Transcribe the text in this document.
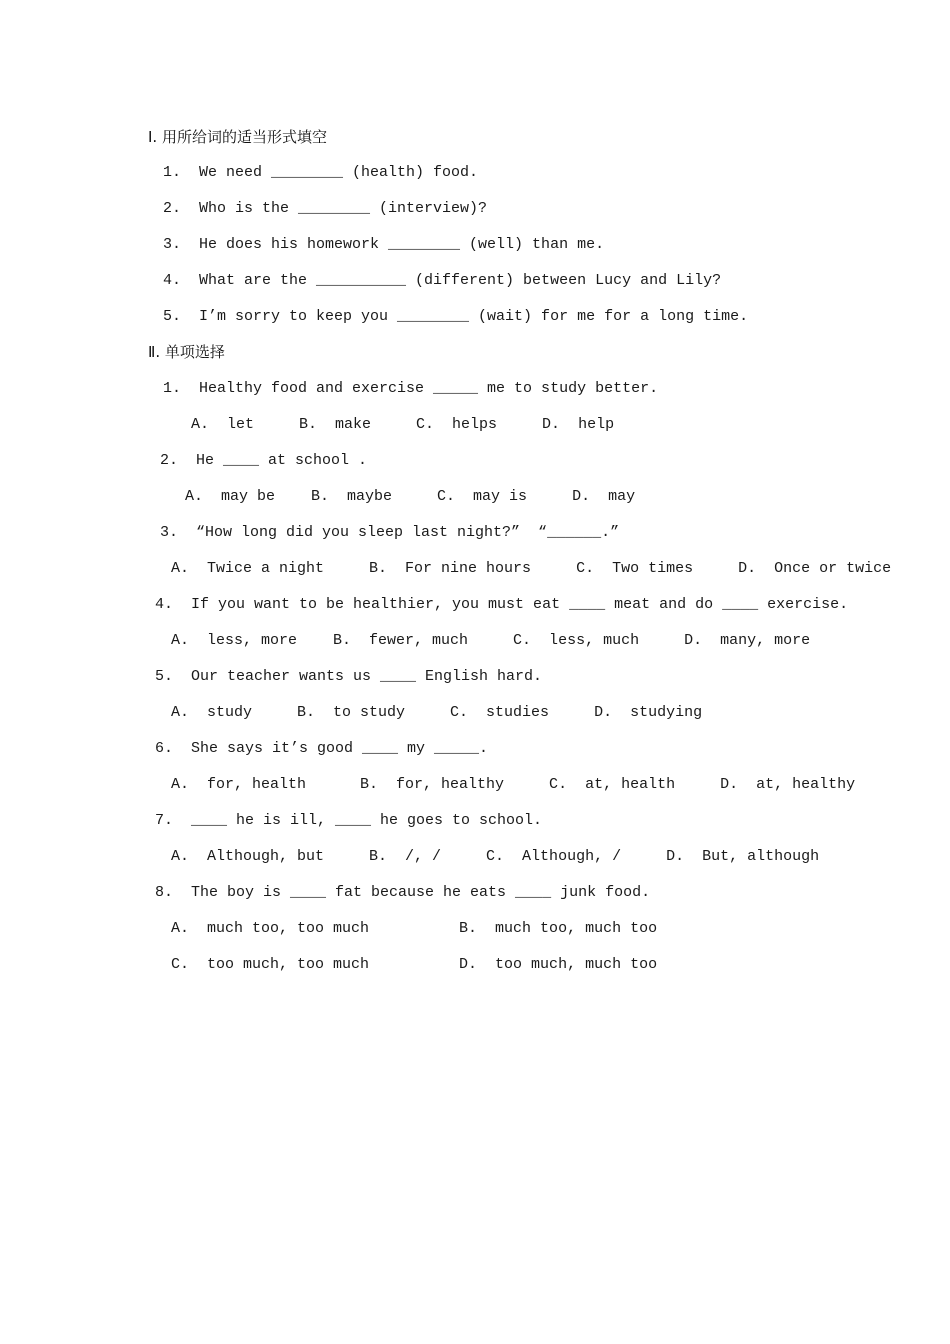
Ⅰ. 用所给词的适当形式填空
1.  We need ________ (health) food.
2.  Who is the ________ (interview)?
3.  He does his homework ________ (well) than me.
4.  What are the __________ (different) between Lucy and Lily?
5.  I’m sorry to keep you ________ (wait) for me for a long time.
Ⅱ. 单项选择
1.  Healthy food and exercise _____ me to study better.
A.  let     B.  make     C.  helps     D.  help
2.  He ____ at school .
A.  may be    B.  maybe     C.  may is     D.  may
3.  “How long did you sleep last night?”  “______.”
A.  Twice a night     B.  For nine hours     C.  Two times     D.  Once or twice
4.  If you want to be healthier, you must eat ____ meat and do ____ exercise.
A.  less, more    B.  fewer, much     C.  less, much     D.  many, more
5.  Our teacher wants us ____ English hard.
A.  study     B.  to study     C.  studies     D.  studying
6.  She says it’s good ____ my _____.
A.  for, health      B.  for, healthy     C.  at, health     D.  at, healthy
7.  ____ he is ill, ____ he goes to school.
A.  Although, but     B.  /, /     C.  Although, /     D.  But, although
8.  The boy is ____ fat because he eats ____ junk food.
A.  much too, too much          B.  much too, much too
C.  too much, too much          D.  too much, much too
